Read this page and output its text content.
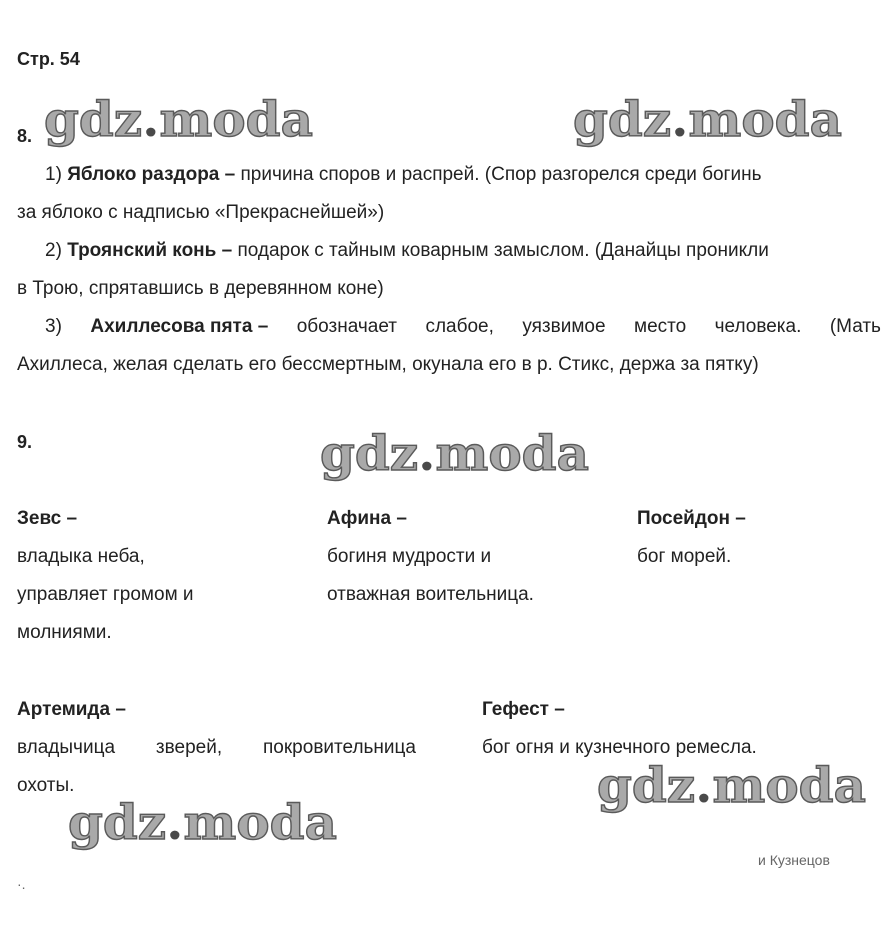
Стр. 54
8.
1) Яблоко раздора – причина споров и распрей. (Спор разгорелся среди богинь
за яблоко с надписью «Прекраснейшей»)
2) Троянский конь – подарок с тайным коварным замыслом. (Данайцы проникли
в Трою, спрятавшись в деревянном коне)
3) Ахиллесова пята – обозначает слабое, уязвимое место человека. (Мать
Ахиллеса, желая сделать его бессмертным, окунала его в р. Стикс, держа за пятку)
9.
Зевс –
владыка неба,
управляет громом и
молниями.
Афина –
богиня мудрости и
отважная воительница.
Посейдон –
бог морей.
Артемида –
владычица зверей, покровительница
охоты.
Гефест –
бог огня и кузнечного ремесла.
и Кузнецов
·.
gdz.moda	gdz.moda
gdz.moda
gdz.moda
gdz.moda
